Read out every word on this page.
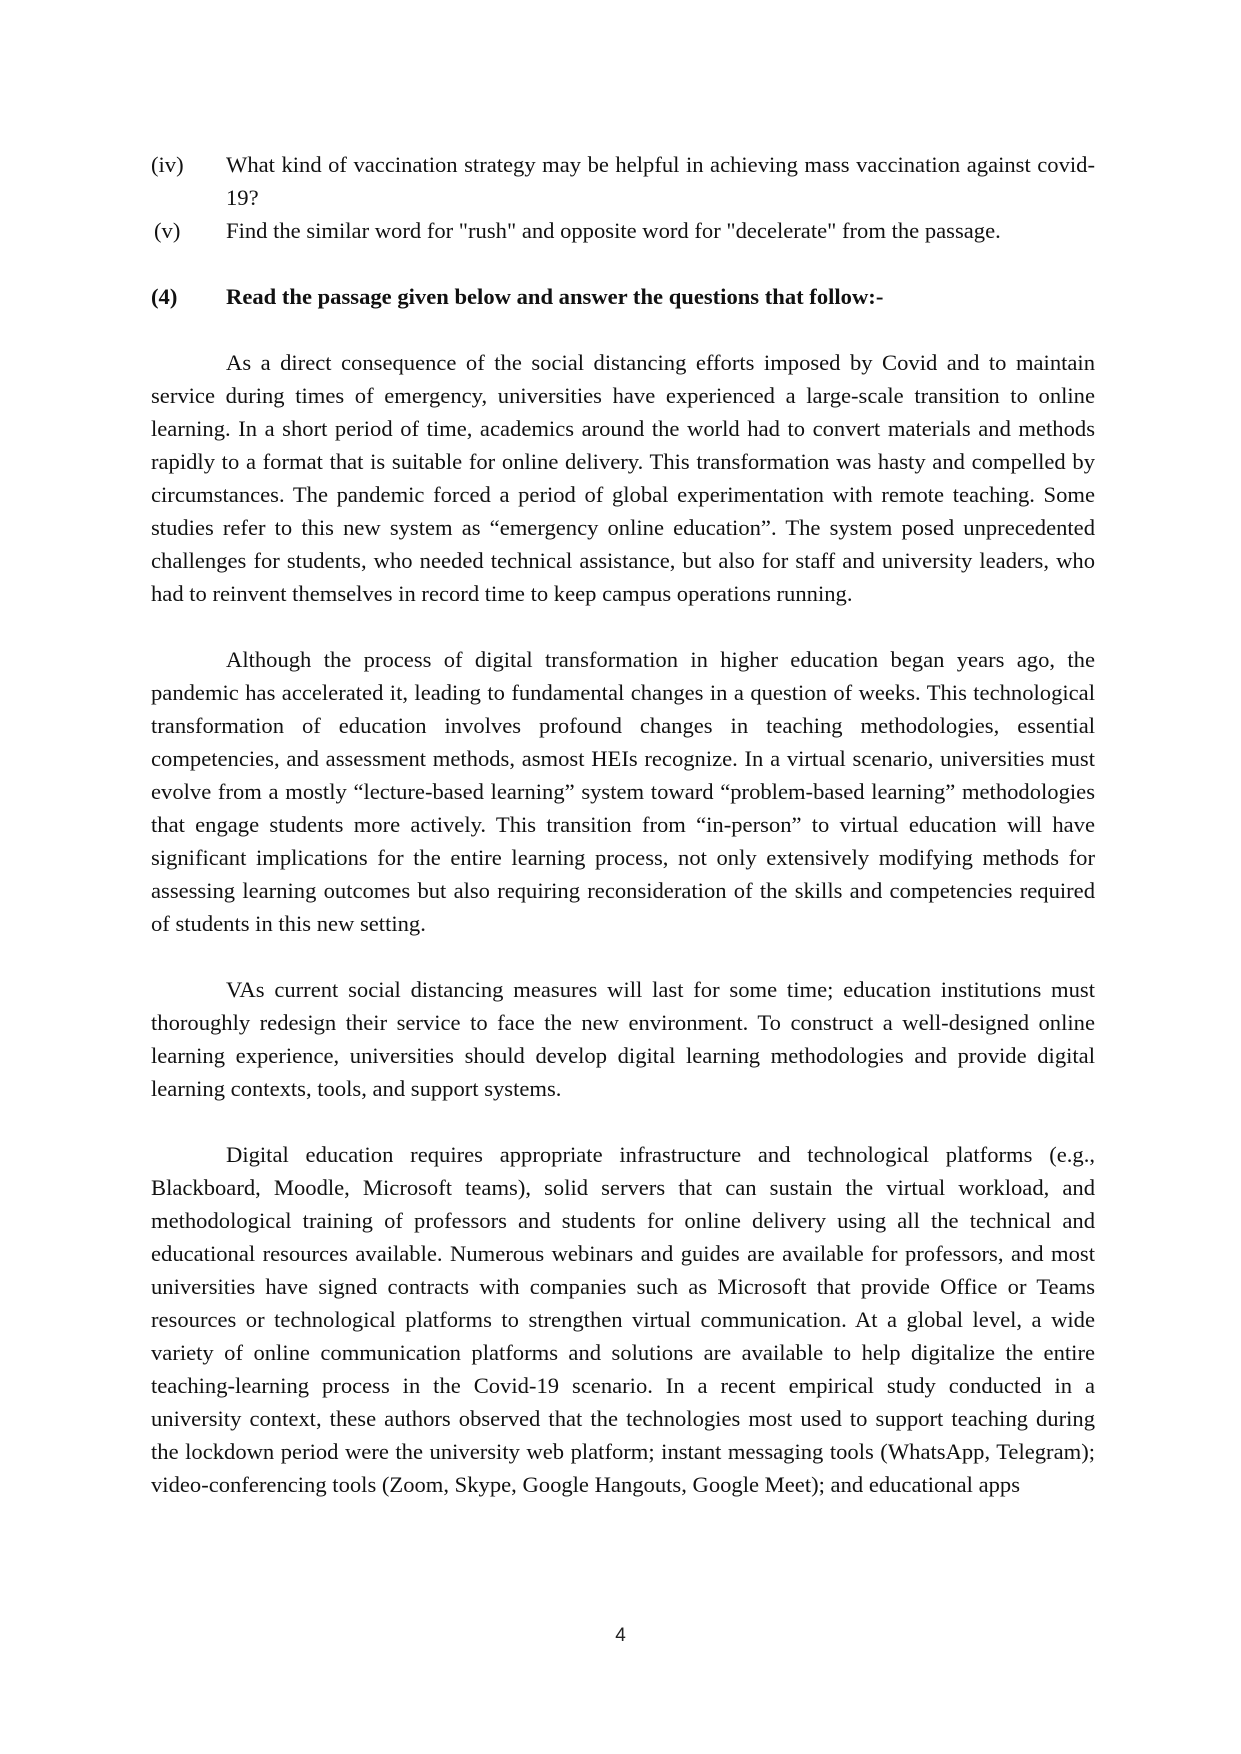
(iv)	What kind of vaccination strategy may be helpful in achieving mass vaccination against covid-19?
(v)	Find the similar word for "rush" and opposite word for "decelerate" from the passage.
(4)	Read the passage given below and answer the questions that follow:-

As a direct consequence of the social distancing efforts imposed by Covid and to maintain service during times of emergency, universities have experienced a large-scale transition to online learning. In a short period of time, academics around the world had to convert materials and methods rapidly to a format that is suitable for online delivery. This transformation was hasty and compelled by circumstances. The pandemic forced a period of global experimentation with remote teaching. Some studies refer to this new system as “emergency online education”. The system posed unprecedented challenges for students, who needed technical assistance, but also for staff and university leaders, who had to reinvent themselves in record time to keep campus operations running.

Although the process of digital transformation in higher education began years ago, the pandemic has accelerated it, leading to fundamental changes in a question of weeks. This technological transformation of education involves profound changes in teaching methodologies, essential competencies, and assessment methods, asmost HEIs recognize. In a virtual scenario, universities must evolve from a mostly “lecture-based learning” system toward “problem-based learning” methodologies that engage students more actively. This transition from “in-person” to virtual education will have significant implications for the entire learning process, not only extensively modifying methods for assessing learning outcomes but also requiring reconsideration of the skills and competencies required of students in this new setting.

VAs current social distancing measures will last for some time; education institutions must thoroughly redesign their service to face the new environment. To construct a well-designed online learning experience, universities should develop digital learning methodologies and provide digital learning contexts, tools, and support systems.

Digital education requires appropriate infrastructure and technological platforms (e.g., Blackboard, Moodle, Microsoft teams), solid servers that can sustain the virtual workload, and methodological training of professors and students for online delivery using all the technical and educational resources available. Numerous webinars and guides are available for professors, and most universities have signed contracts with companies such as Microsoft that provide Office or Teams resources or technological platforms to strengthen virtual communication. At a global level, a wide variety of online communication platforms and solutions are available to help digitalize the entire teaching-learning process in the Covid-19 scenario. In a recent empirical study conducted in a university context, these authors observed that the technologies most used to support teaching during the lockdown period were the university web platform; instant messaging tools (WhatsApp, Telegram); video-conferencing tools (Zoom, Skype, Google Hangouts, Google Meet); and educational apps

4
